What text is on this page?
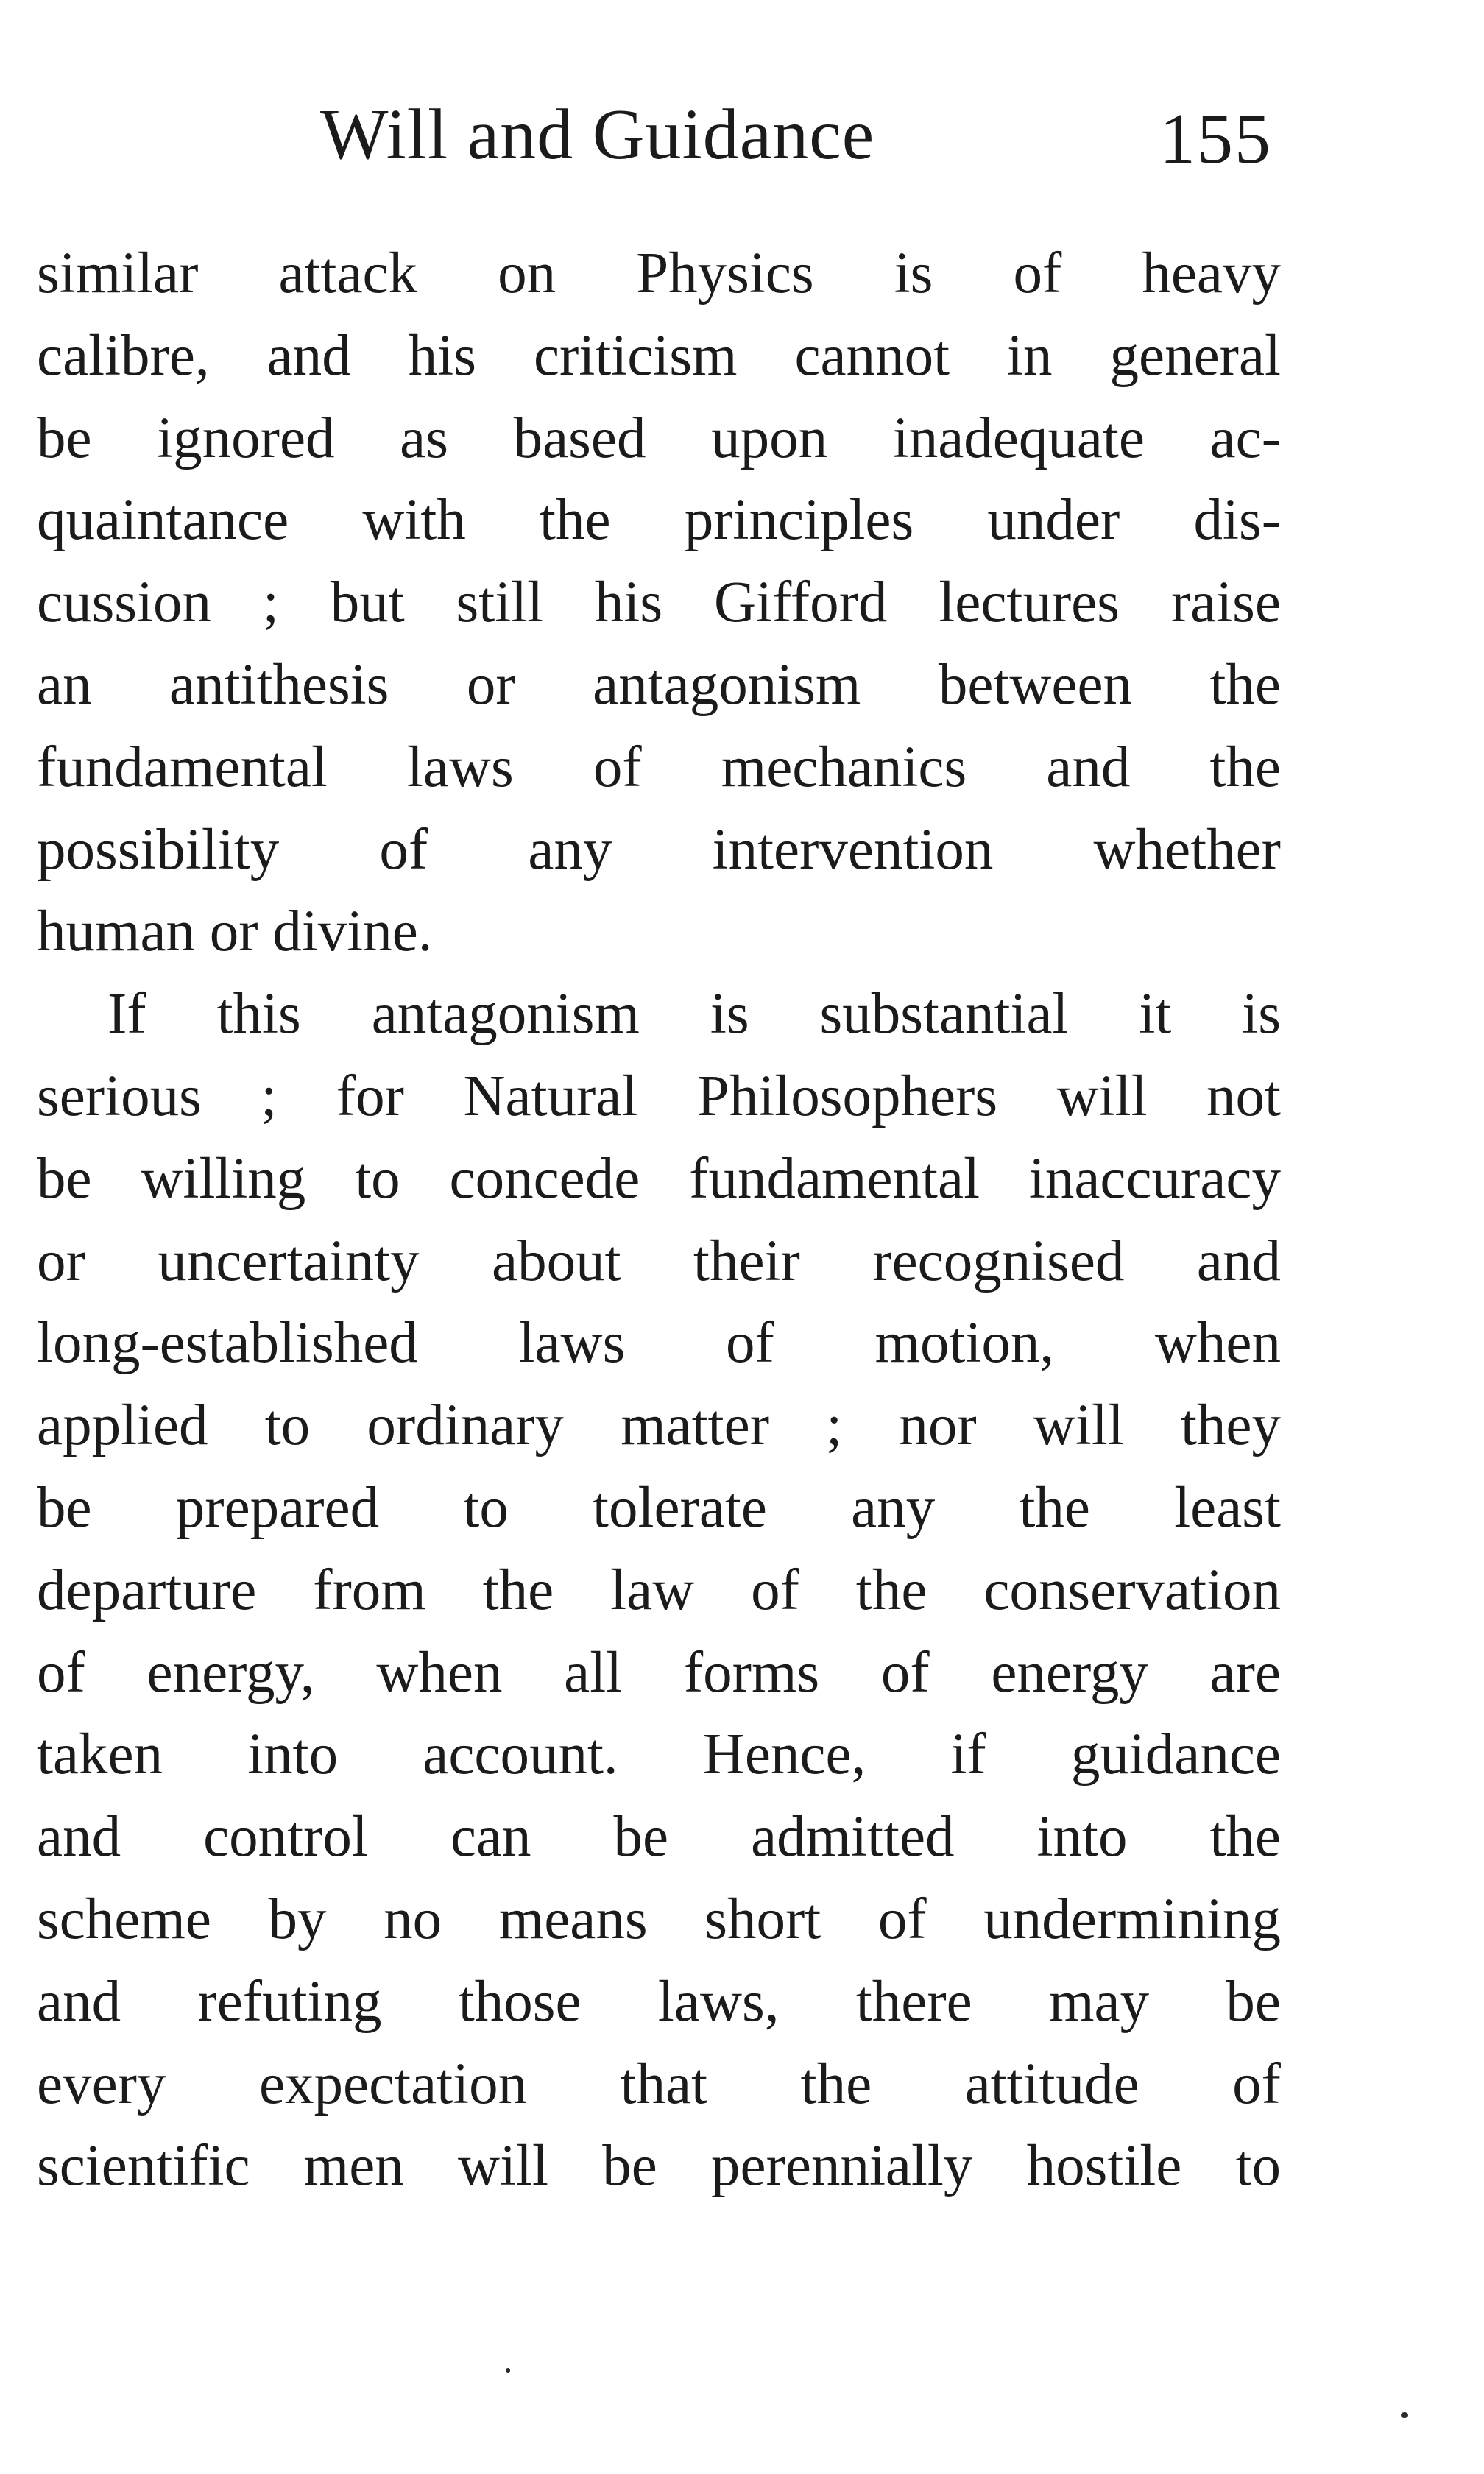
Will and Guidance	155
similar attack on Physics is of heavy
calibre, and his criticism cannot in general
be ignored as based upon inadequate ac-
quaintance with the principles under dis-
cussion ; but still his Gifford lectures raise
an antithesis or antagonism between the
fundamental laws of mechanics and the
possibility of any intervention whether
human or divine.
If this antagonism is substantial it is
serious ; for Natural Philosophers will not
be willing to concede fundamental inaccuracy
or uncertainty about their recognised and
long-established laws of motion, when
applied to ordinary matter ; nor will they
be prepared to tolerate any the least
departure from the law of the conservation
of energy, when all forms of energy are
taken into account. Hence, if guidance
and control can be admitted into the
scheme by no means short of undermining
and refuting those laws, there may be
every expectation that the attitude of
scientific men will be perennially hostile to
